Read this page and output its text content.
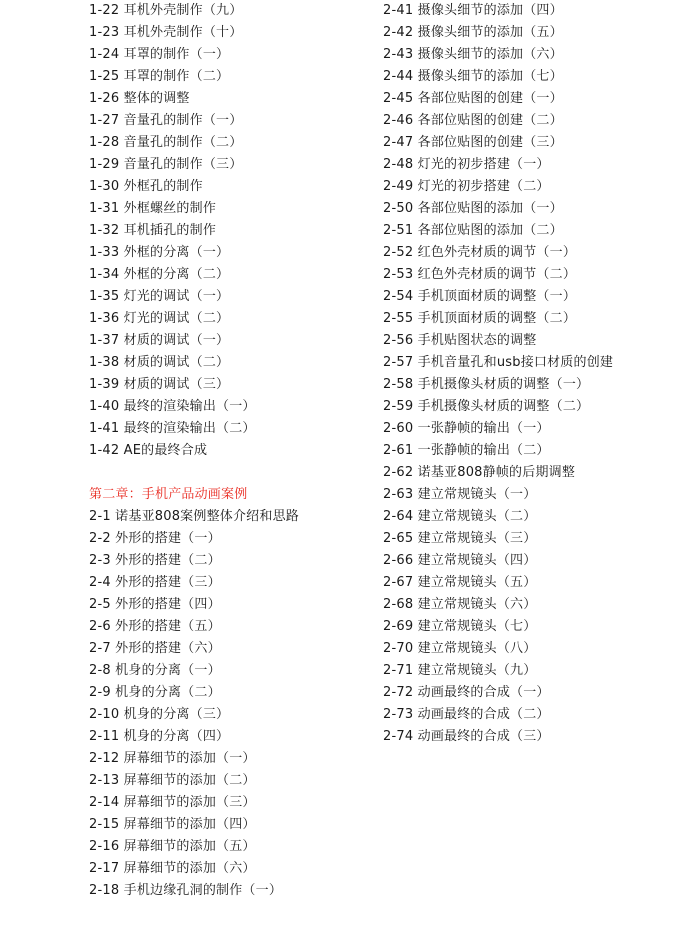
1-22 耳机外壳制作（九）
1-23 耳机外壳制作（十）
1-24 耳罩的制作（一）
1-25 耳罩的制作（二）
1-26 整体的调整
1-27 音量孔的制作（一）
1-28 音量孔的制作（二）
1-29 音量孔的制作（三）
1-30 外框孔的制作
1-31 外框螺丝的制作
1-32 耳机插孔的制作
1-33 外框的分离（一）
1-34 外框的分离（二）
1-35 灯光的调试（一）
1-36 灯光的调试（二）
1-37 材质的调试（一）
1-38 材质的调试（二）
1-39 材质的调试（三）
1-40 最终的渲染输出（一）
1-41 最终的渲染输出（二）
1-42 AE的最终合成
第二章：手机产品动画案例
2-1 诺基亚808案例整体介绍和思路
2-2 外形的搭建（一）
2-3 外形的搭建（二）
2-4 外形的搭建（三）
2-5 外形的搭建（四）
2-6 外形的搭建（五）
2-7 外形的搭建（六）
2-8 机身的分离（一）
2-9 机身的分离（二）
2-10 机身的分离（三）
2-11 机身的分离（四）
2-12 屏幕细节的添加（一）
2-13 屏幕细节的添加（二）
2-14 屏幕细节的添加（三）
2-15 屏幕细节的添加（四）
2-16 屏幕细节的添加（五）
2-17 屏幕细节的添加（六）
2-18 手机边缘孔洞的制作（一）
2-41 摄像头细节的添加（四）
2-42 摄像头细节的添加（五）
2-43 摄像头细节的添加（六）
2-44 摄像头细节的添加（七）
2-45 各部位贴图的创建（一）
2-46 各部位贴图的创建（二）
2-47 各部位贴图的创建（三）
2-48 灯光的初步搭建（一）
2-49 灯光的初步搭建（二）
2-50 各部位贴图的添加（一）
2-51 各部位贴图的添加（二）
2-52 红色外壳材质的调节（一）
2-53 红色外壳材质的调节（二）
2-54 手机顶面材质的调整（一）
2-55 手机顶面材质的调整（二）
2-56 手机贴图状态的调整
2-57 手机音量孔和usb接口材质的创建
2-58 手机摄像头材质的调整（一）
2-59 手机摄像头材质的调整（二）
2-60 一张静帧的输出（一）
2-61 一张静帧的输出（二）
2-62 诺基亚808静帧的后期调整
2-63 建立常规镜头（一）
2-64 建立常规镜头（二）
2-65 建立常规镜头（三）
2-66 建立常规镜头（四）
2-67 建立常规镜头（五）
2-68 建立常规镜头（六）
2-69 建立常规镜头（七）
2-70 建立常规镜头（八）
2-71 建立常规镜头（九）
2-72 动画最终的合成（一）
2-73 动画最终的合成（二）
2-74 动画最终的合成（三）
